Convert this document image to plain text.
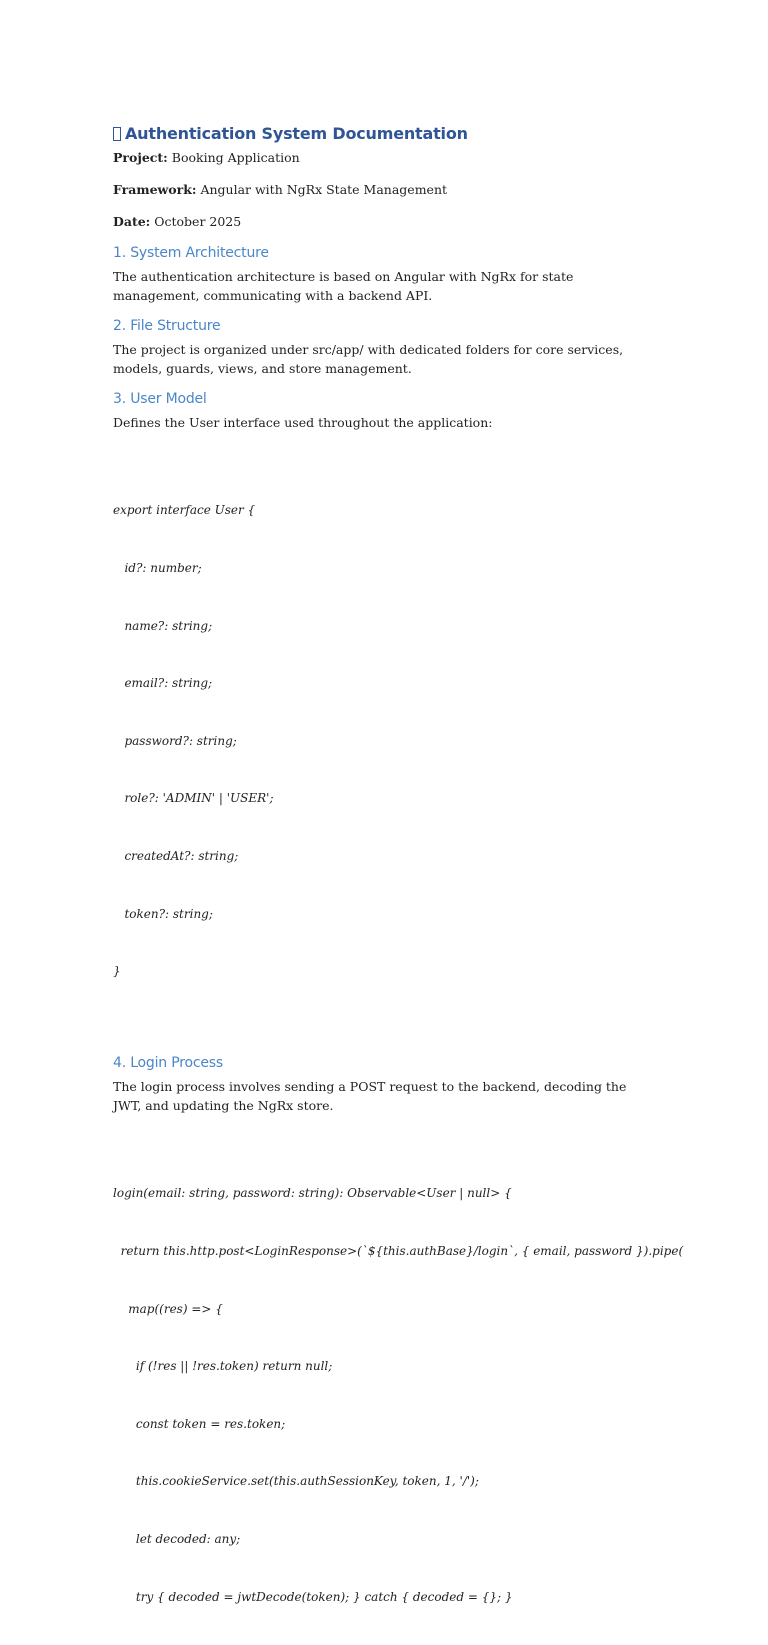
Authentication System Documentation

Project: Booking Application

Framework: Angular with NgRx State Management

Date: October 2025

1. System Architecture

The authentication architecture is based on Angular with NgRx for state management, communicating with a backend API.

2. File Structure

The project is organized under src/app/ with dedicated folders for core services, models, guards, views, and store management.

3. User Model

Defines the User interface used throughout the application:

export interface User {

id?: number;

name?: string;

email?: string;

password?: string;

role?: 'ADMIN' | 'USER';

createdAt?: string;

token?: string;

}

4. Login Process

The login process involves sending a POST request to the backend, decoding the JWT, and updating the NgRx store.

login(email: string, password: string): Observable<User | null> {

return this.http.post<LoginResponse>(`${this.authBase}/login`, { email, password }).pipe(

map((res) => {

if (!res || !res.token) return null;

const token = res.token;

this.cookieService.set(this.authSessionKey, token, 1, '/');

let decoded: any;

try { decoded = jwtDecode(token); } catch { decoded = {}; }
